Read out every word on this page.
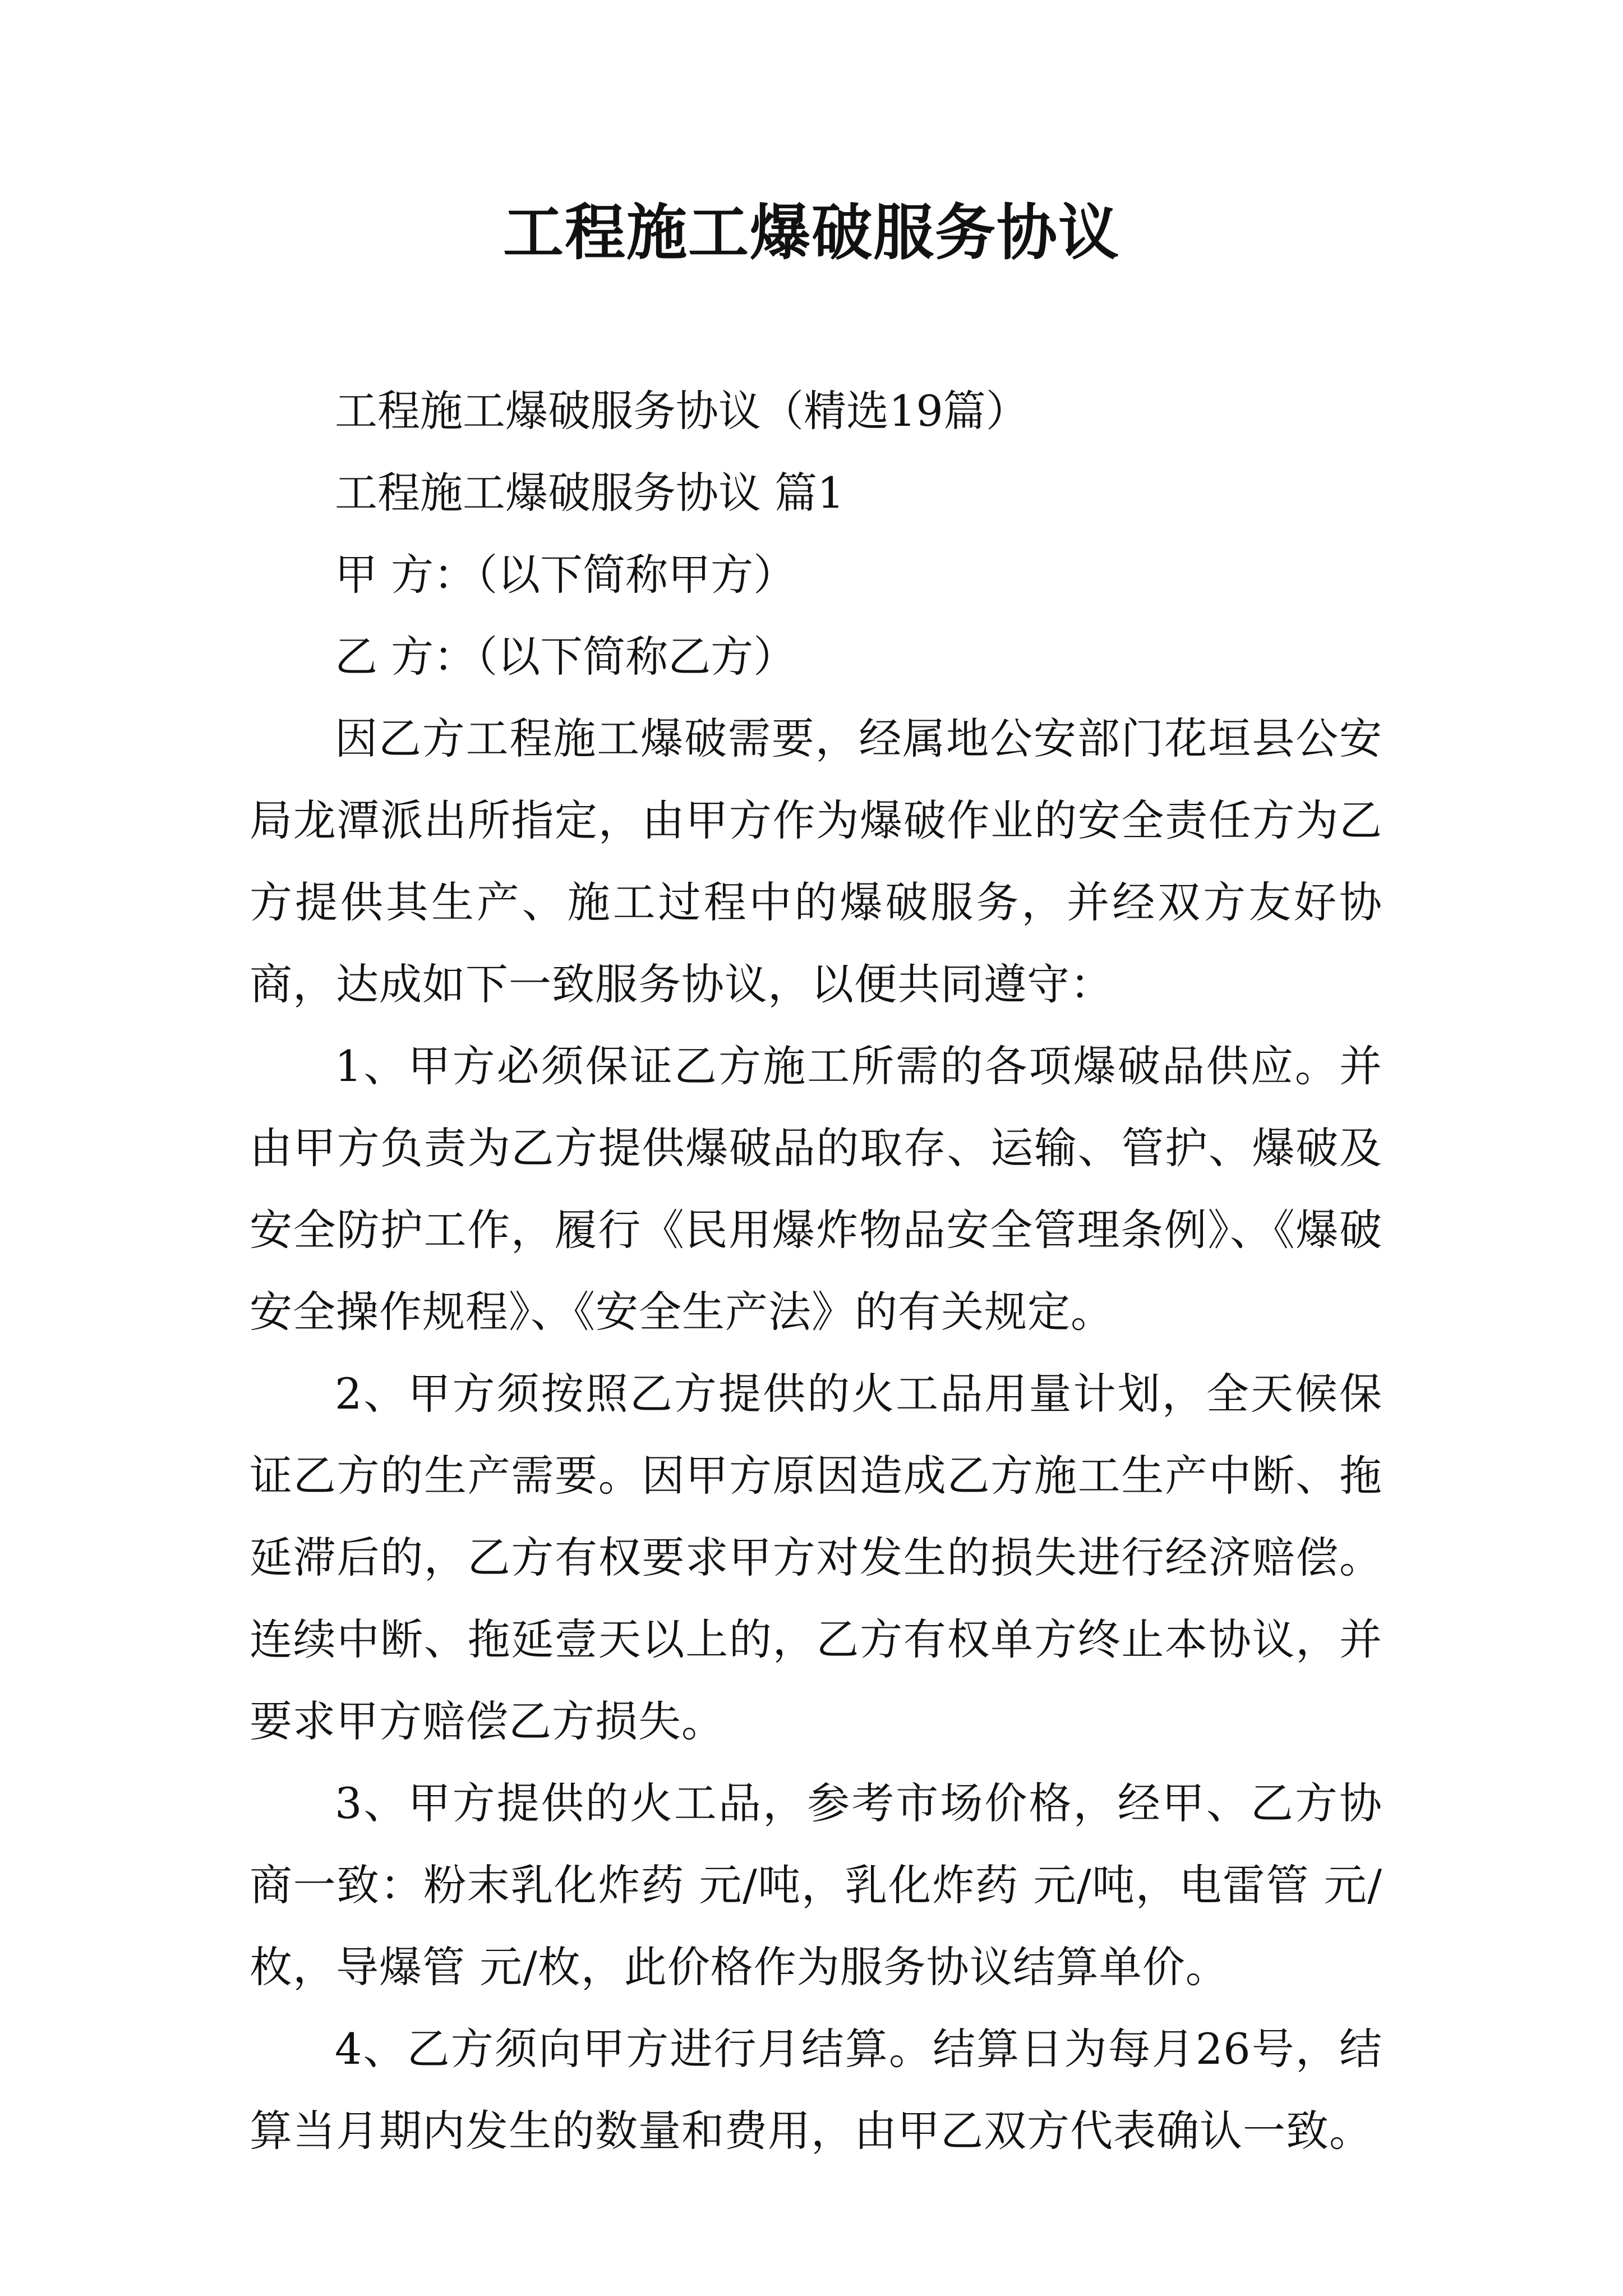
工程施工爆破服务协议

工程施工爆破服务协议（精选19篇）

工程施工爆破服务协议 篇1

甲 方：（以下简称甲方）

乙 方：（以下简称乙方）

因乙方工程施工爆破需要，经属地公安部门花垣县公安局龙潭派出所指定，由甲方作为爆破作业的安全责任方为乙方提供其生产、施工过程中的爆破服务，并经双方友好协商，达成如下一致服务协议，以便共同遵守：

1、甲方必须保证乙方施工所需的各项爆破品供应。并由甲方负责为乙方提供爆破品的取存、运输、管护、爆破及安全防护工作，履行《民用爆炸物品安全管理条例》、《爆破安全操作规程》、《安全生产法》的有关规定。

2、甲方须按照乙方提供的火工品用量计划，全天候保证乙方的生产需要。因甲方原因造成乙方施工生产中断、拖延滞后的，乙方有权要求甲方对发生的损失进行经济赔偿。连续中断、拖延壹天以上的，乙方有权单方终止本协议，并要求甲方赔偿乙方损失。

3、甲方提供的火工品，参考市场价格，经甲、乙方协商一致：粉末乳化炸药 元/吨，乳化炸药 元/吨，电雷管 元/枚，导爆管 元/枚，此价格作为服务协议结算单价。

4、乙方须向甲方进行月结算。结算日为每月26号，结算当月期内发生的数量和费用，由甲乙双方代表确认一致。
